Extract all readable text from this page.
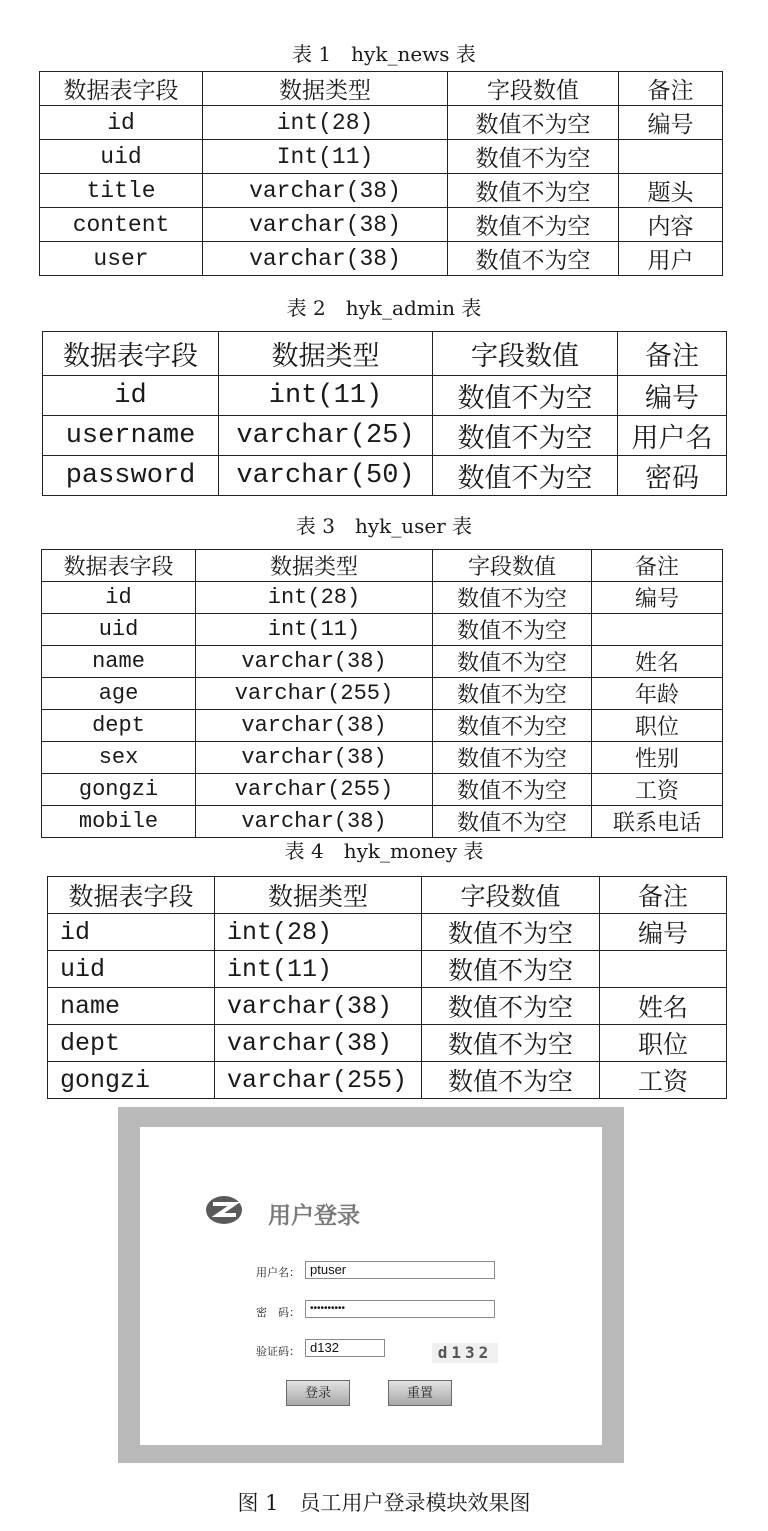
表 1　hyk_news 表
数据表字段	数据类型	字段数值	备注
id	int(28)	数值不为空	编号
uid	Int(11)	数值不为空	
title	varchar(38)	数值不为空	题头
content	varchar(38)	数值不为空	内容
user	varchar(38)	数值不为空	用户
表 2　hyk_admin 表
数据表字段	数据类型	字段数值	备注
id	int(11)	数值不为空	编号
username	varchar(25)	数值不为空	用户名
password	varchar(50)	数值不为空	密码
表 3　hyk_user 表
数据表字段	数据类型	字段数值	备注
id	int(28)	数值不为空	编号
uid	int(11)	数值不为空	
name	varchar(38)	数值不为空	姓名
age	varchar(255)	数值不为空	年龄
dept	varchar(38)	数值不为空	职位
sex	varchar(38)	数值不为空	性别
gongzi	varchar(255)	数值不为空	工资
mobile	varchar(38)	数值不为空	联系电话
表 4　hyk_money 表
数据表字段	数据类型	字段数值	备注
id	int(28)	数值不为空	编号
uid	int(11)	数值不为空	
name	varchar(38)	数值不为空	姓名
dept	varchar(38)	数值不为空	职位
gongzi	varchar(255)	数值不为空	工资
用户登录
用户名： ptuser
密　码：	••••••••••
验证码： d132	d132
登录	重置
图 1　员工用户登录模块效果图
